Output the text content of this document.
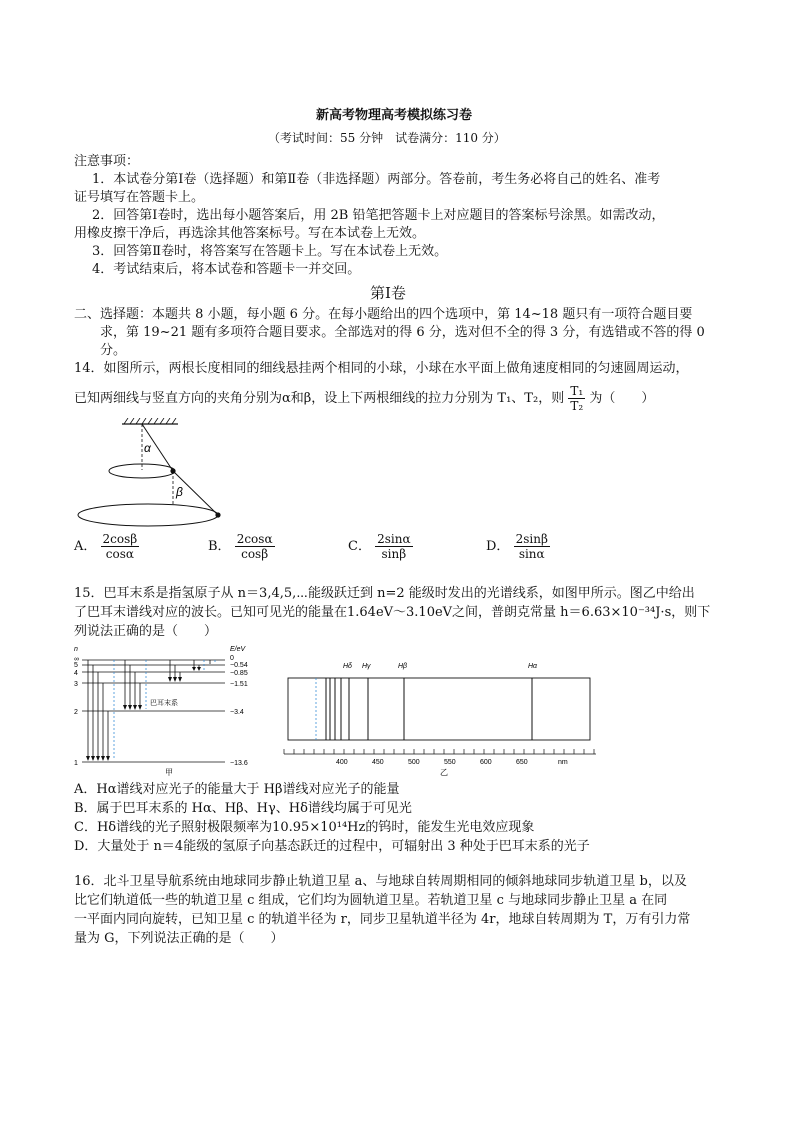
新高考物理高考模拟练习卷
（考试时间：55 分钟　试卷满分：110 分）
注意事项：
1．本试卷分第Ⅰ卷（选择题）和第Ⅱ卷（非选择题）两部分。答卷前，考生务必将自己的姓名、准考
证号填写在答题卡上。
2．回答第Ⅰ卷时，选出每小题答案后，用 2B 铅笔把答题卡上对应题目的答案标号涂黑。如需改动，
用橡皮擦干净后，再选涂其他答案标号。写在本试卷上无效。
3．回答第Ⅱ卷时，将答案写在答题卡上。写在本试卷上无效。
4．考试结束后，将本试卷和答题卡一并交回。
第Ⅰ卷
二、选择题：本题共 8 小题，每小题 6 分。在每小题给出的四个选项中，第 14~18 题只有一项符合题目要
求，第 19~21 题有多项符合题目要求。全部选对的得 6 分，选对但不全的得 3 分，有选错或不答的得 0
分。
14．如图所示，两根长度相同的细线悬挂两个相同的小球，小球在水平面上做角速度相同的匀速圆周运动，
已知两细线与竖直方向的夹角分别为α和β，设上下两根细线的拉力分别为 T₁、T₂，则 $\frac{\text{T₁}}{\text{T₂}}$ 为（　　）
α
β
A． $\frac{2\cos\beta}{\cos\alpha}$	B． $\frac{2\cos\alpha}{\cos\beta}$	C． $\frac{2\sin\alpha}{\sin\beta}$	D． $\frac{2\sin\beta}{\sin\alpha}$
15．巴耳末系是指氢原子从 n＝3,4,5,⋯能级跃迁到 n=2 能级时发出的光谱线系，如图甲所示。图乙中给出
了巴耳末谱线对应的波长。已知可见光的能量在1.64eV～3.10eV之间，普朗克常量 h＝6.63×10⁻³⁴J·s，则下
列说法正确的是（　　）
n	E/eV
∞
5
4
3
2
1
0
−0.54
−0.85
−1.51
−3.4
−13.6
巴耳末系
甲
Hδ Hγ	Hβ	Hα
400	450	500	550	600	650	nm
乙
A．Hα谱线对应光子的能量大于 Hβ谱线对应光子的能量
B．属于巴耳末系的 Hα、Hβ、Hγ、Hδ谱线均属于可见光
C．Hδ谱线的光子照射极限频率为10.95×10¹⁴Hz的钨时，能发生光电效应现象
D．大量处于 n＝4能级的氢原子向基态跃迁的过程中，可辐射出 3 种处于巴耳末系的光子
16．北斗卫星导航系统由地球同步静止轨道卫星 a、与地球自转周期相同的倾斜地球同步轨道卫星 b，以及
比它们轨道低一些的轨道卫星 c 组成，它们均为圆轨道卫星。若轨道卫星 c 与地球同步静止卫星 a 在同
一平面内同向旋转，已知卫星 c 的轨道半径为 r，同步卫星轨道半径为 4r，地球自转周期为 T，万有引力常
量为 G，下列说法正确的是（　　）
